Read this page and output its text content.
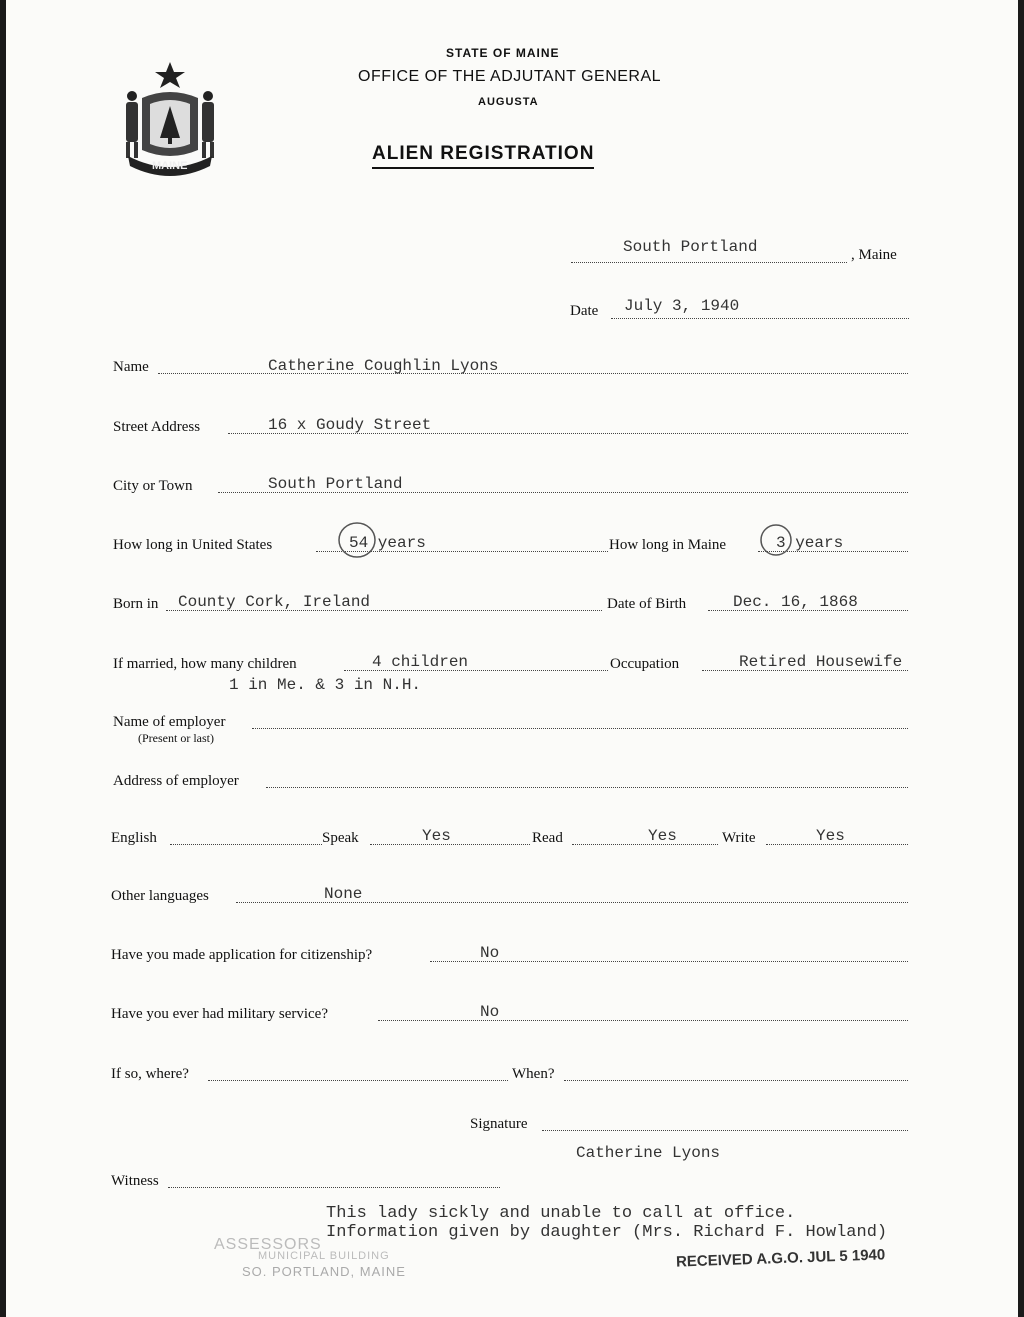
MAINE
STATE OF MAINE
OFFICE OF THE ADJUTANT GENERAL
AUGUSTA
ALIEN REGISTRATION
South Portland	, Maine
Date July 3, 1940
Name	Catherine Coughlin Lyons
Street Address	16 x Goudy Street
City or Town	South Portland
How long in United States	54 years	How long in Maine	3 years
Born in County Cork, Ireland	Date of Birth	Dec. 16, 1868
If married, how many children	4 children	Occupation	Retired Housewife
1 in Me. & 3 in N.H.
Name of employer
(Present or last)
Address of employer
English	Speak	Yes	Read	Yes	Write	Yes
Other languages	None
Have you made application for citizenship?	No
Have you ever had military service?	No
If so, where?	When?
Signature
Catherine Lyons
Witness
This lady sickly and unable to call at office.
Information given by daughter (Mrs. Richard F. Howland)
ASSESSORS
MUNICIPAL BUILDING
SO. PORTLAND, MAINE
RECEIVED A.G.O. JUL 5 1940
